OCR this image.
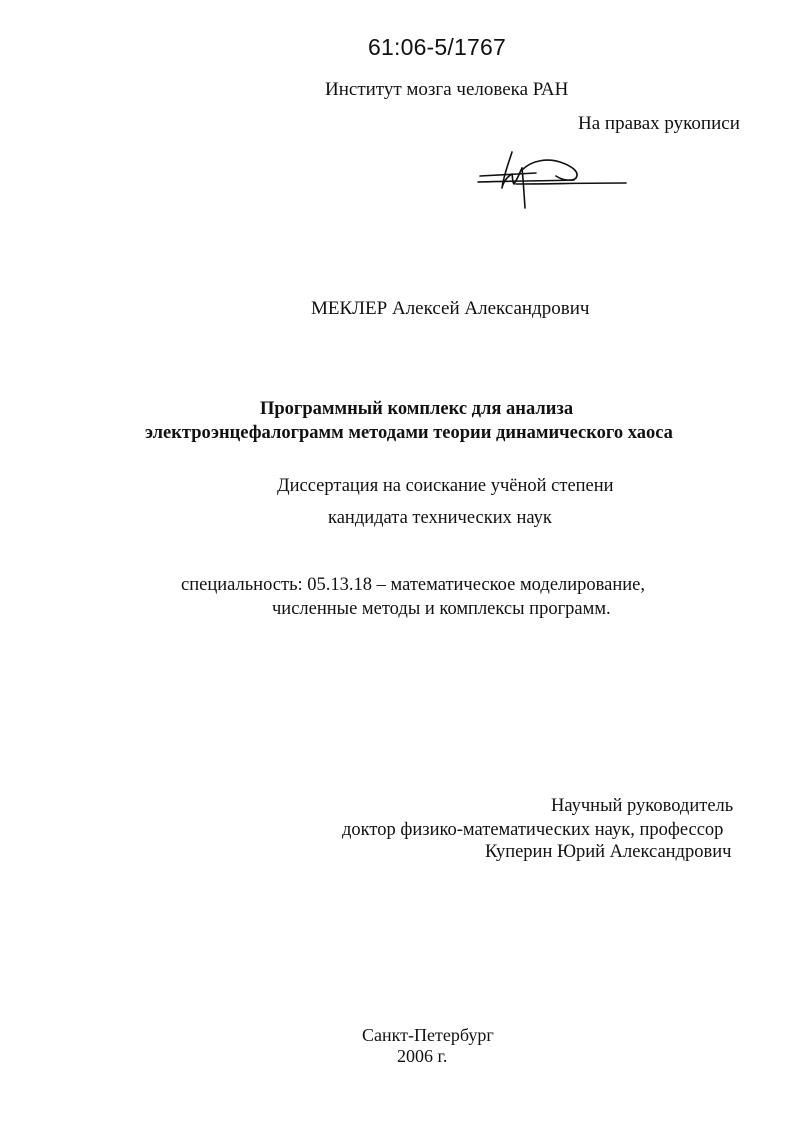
61:06-5/1767
Институт мозга человека РАН
На правах рукописи
МЕКЛЕР Алексей Александрович
Программный комплекс для анализа
электроэнцефалограмм методами теории динамического хаоса
Диссертация на соискание учёной степени
кандидата технических наук
специальность: 05.13.18 – математическое моделирование,
численные методы и комплексы программ.
Научный руководитель
доктор физико-математических наук, профессор
Куперин Юрий Александрович
Санкт-Петербург
2006 г.
